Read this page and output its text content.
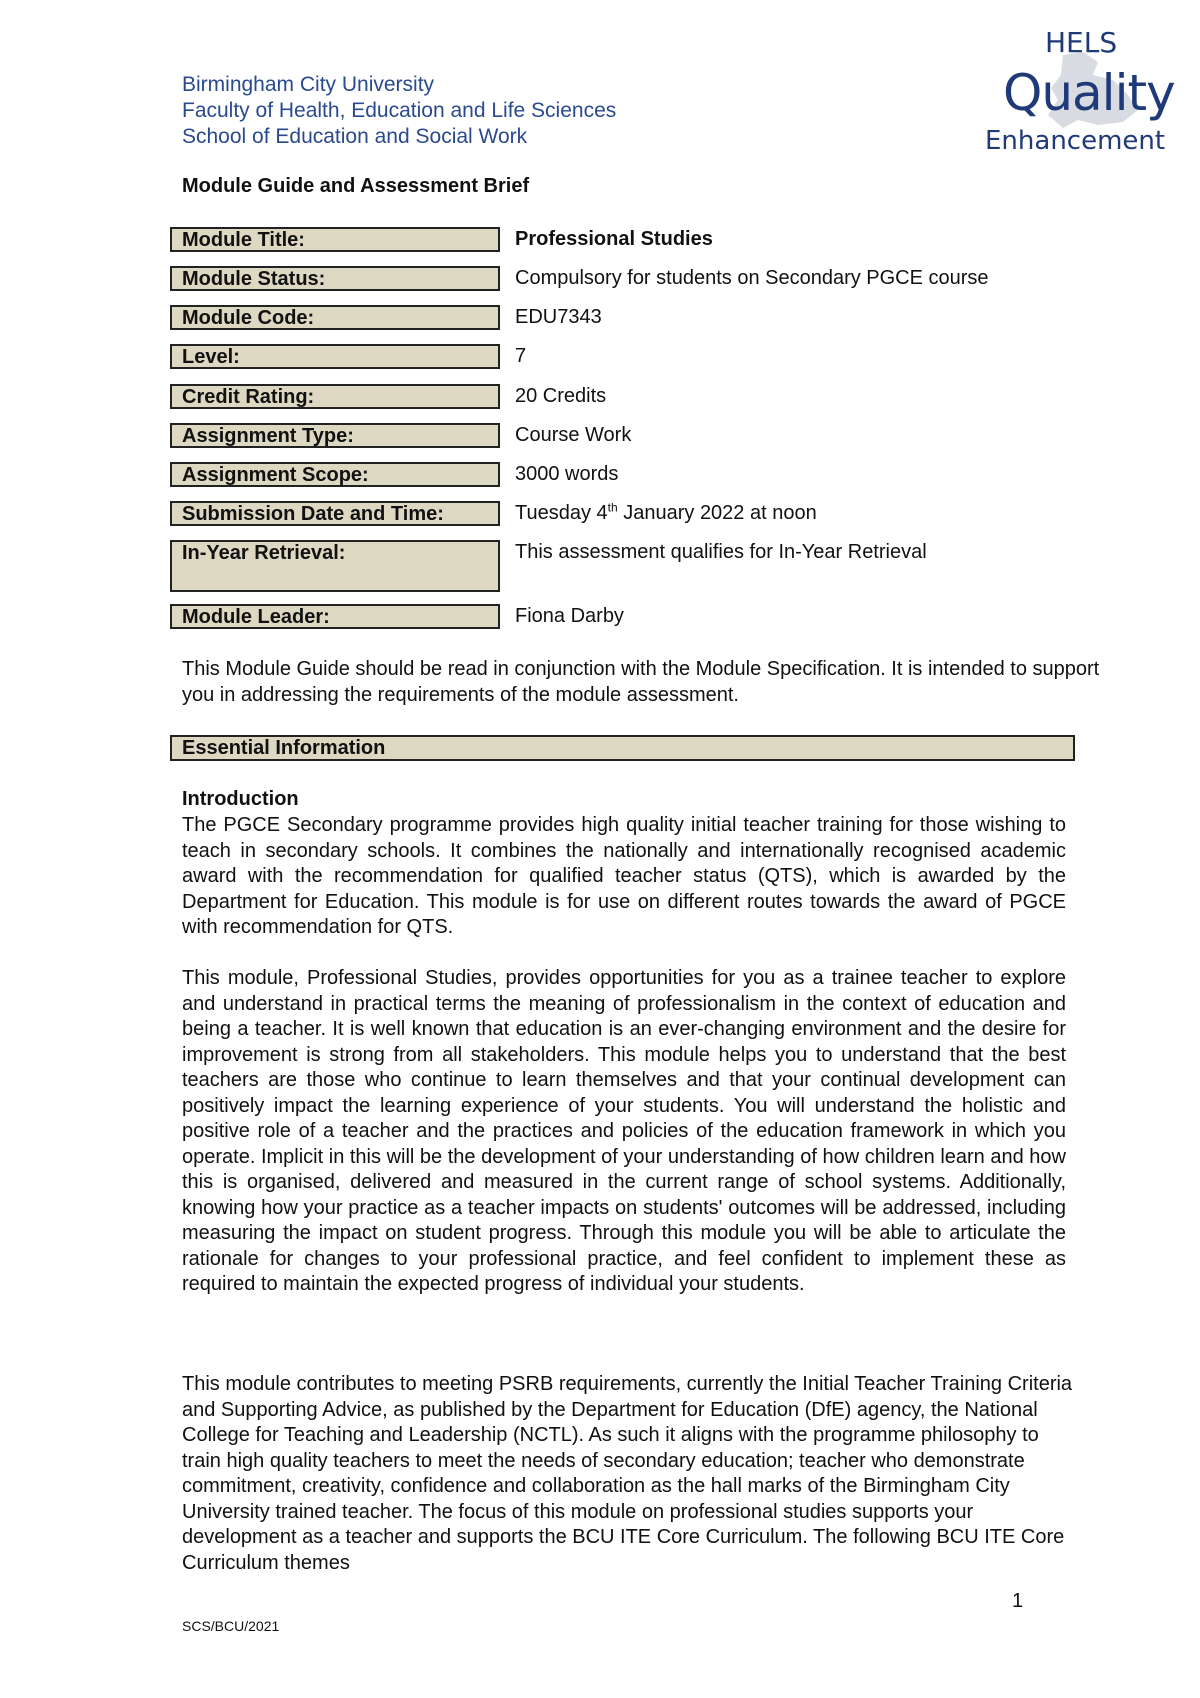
Birmingham City University
Faculty of Health, Education and Life Sciences
School of Education and Social Work
HELS
Quality
Enhancement
Module Guide and Assessment Brief
Module Title:	Professional Studies
Module Status:	Compulsory for students on Secondary PGCE course
Module Code:	EDU7343
Level:	7
Credit Rating:	20 Credits
Assignment Type:	Course Work
Assignment Scope:	3000 words
Submission Date and Time:	Tuesday 4th January 2022 at noon
In-Year Retrieval:	This assessment qualifies for In-Year Retrieval
Module Leader:	Fiona Darby
This Module Guide should be read in conjunction with the Module Specification. It is intended to support you in addressing the requirements of the module assessment.
Essential Information
Introduction
The PGCE Secondary programme provides high quality initial teacher training for those wishing to teach in secondary schools. It combines the nationally and internationally recognised academic award with the recommendation for qualified teacher status (QTS), which is awarded by the Department for Education. This module is for use on different routes towards the award of PGCE with recommendation for QTS.
This module, Professional Studies, provides opportunities for you as a trainee teacher to explore and understand in practical terms the meaning of professionalism in the context of education and being a teacher. It is well known that education is an ever-changing environment and the desire for improvement is strong from all stakeholders. This module helps you to understand that the best teachers are those who continue to learn themselves and that your continual development can positively impact the learning experience of your students. You will understand the holistic and positive role of a teacher and the practices and policies of the education framework in which you operate. Implicit in this will be the development of your understanding of how children learn and how this is organised, delivered and measured in the current range of school systems. Additionally, knowing how your practice as a teacher impacts on students' outcomes will be addressed, including measuring the impact on student progress. Through this module you will be able to articulate the rationale for changes to your professional practice, and feel confident to implement these as required to maintain the expected progress of individual your students.
This module contributes to meeting PSRB requirements, currently the Initial Teacher Training Criteria and Supporting Advice, as published by the Department for Education (DfE) agency, the National College for Teaching and Leadership (NCTL). As such it aligns with the programme philosophy to train high quality teachers to meet the needs of secondary education; teacher who demonstrate commitment, creativity, confidence and collaboration as the hall marks of the Birmingham City University trained teacher. The focus of this module on professional studies supports your development as a teacher and supports the BCU ITE Core Curriculum. The following BCU ITE Core Curriculum themes
1
SCS/BCU/2021
